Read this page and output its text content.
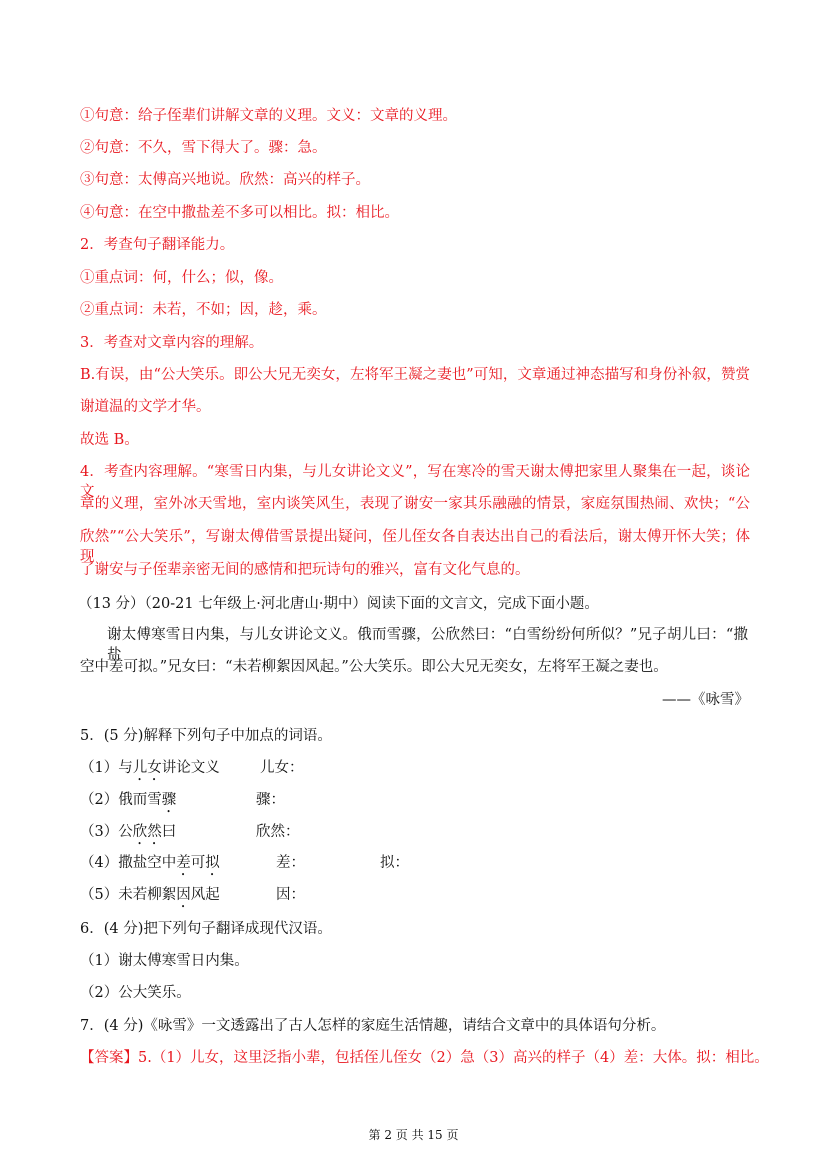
①句意：给子侄辈们讲解文章的义理。文义：文章的义理。
②句意：不久，雪下得大了。骤：急。
③句意：太傅高兴地说。欣然：高兴的样子。
④句意：在空中撒盐差不多可以相比。拟：相比。
2．考查句子翻译能力。
①重点词：何，什么；似，像。
②重点词：未若，不如；因，趁，乘。
3．考查对文章内容的理解。
B.有误，由“公大笑乐。即公大兄无奕女，左将军王凝之妻也”可知，文章通过神态描写和身份补叙，赞赏
谢道温的文学才华。
故选 B。
4．考查内容理解。“寒雪日内集，与儿女讲论文义”，写在寒冷的雪天谢太傅把家里人聚集在一起，谈论文
章的义理，室外冰天雪地，室内谈笑风生，表现了谢安一家其乐融融的情景，家庭氛围热闹、欢快；“公
欣然”“公大笑乐”，写谢太傅借雪景提出疑问，侄儿侄女各自表达出自己的看法后，谢太傅开怀大笑；体现
了谢安与子侄辈亲密无间的感情和把玩诗句的雅兴，富有文化气息的。
（13 分）（20-21 七年级上·河北唐山·期中）阅读下面的文言文，完成下面小题。
谢太傅寒雪日内集，与儿女讲论文义。俄而雪骤，公欣然曰：“白雪纷纷何所似？”兄子胡儿曰：“撒盐
空中差可拟。”兄女曰：“未若柳絮因风起。”公大笑乐。即公大兄无奕女，左将军王凝之妻也。
——《咏雪》
5．(5 分)解释下列句子中加点的词语。
（1）与儿女讲论文义	儿女：
（2）俄而雪骤	骤：
（3）公欣然曰	欣然：
（4）撒盐空中差可拟	差：	拟：
（5）未若柳絮因风起	因：
6．(4 分)把下列句子翻译成现代汉语。
（1）谢太傅寒雪日内集。
（2）公大笑乐。
7．(4 分)《咏雪》一文透露出了古人怎样的家庭生活情趣，请结合文章中的具体语句分析。
【答案】5.（1）儿女，这里泛指小辈，包括侄儿侄女（2）急（3）高兴的样子（4）差：大体。拟：相比。
第 2 页 共 15 页
